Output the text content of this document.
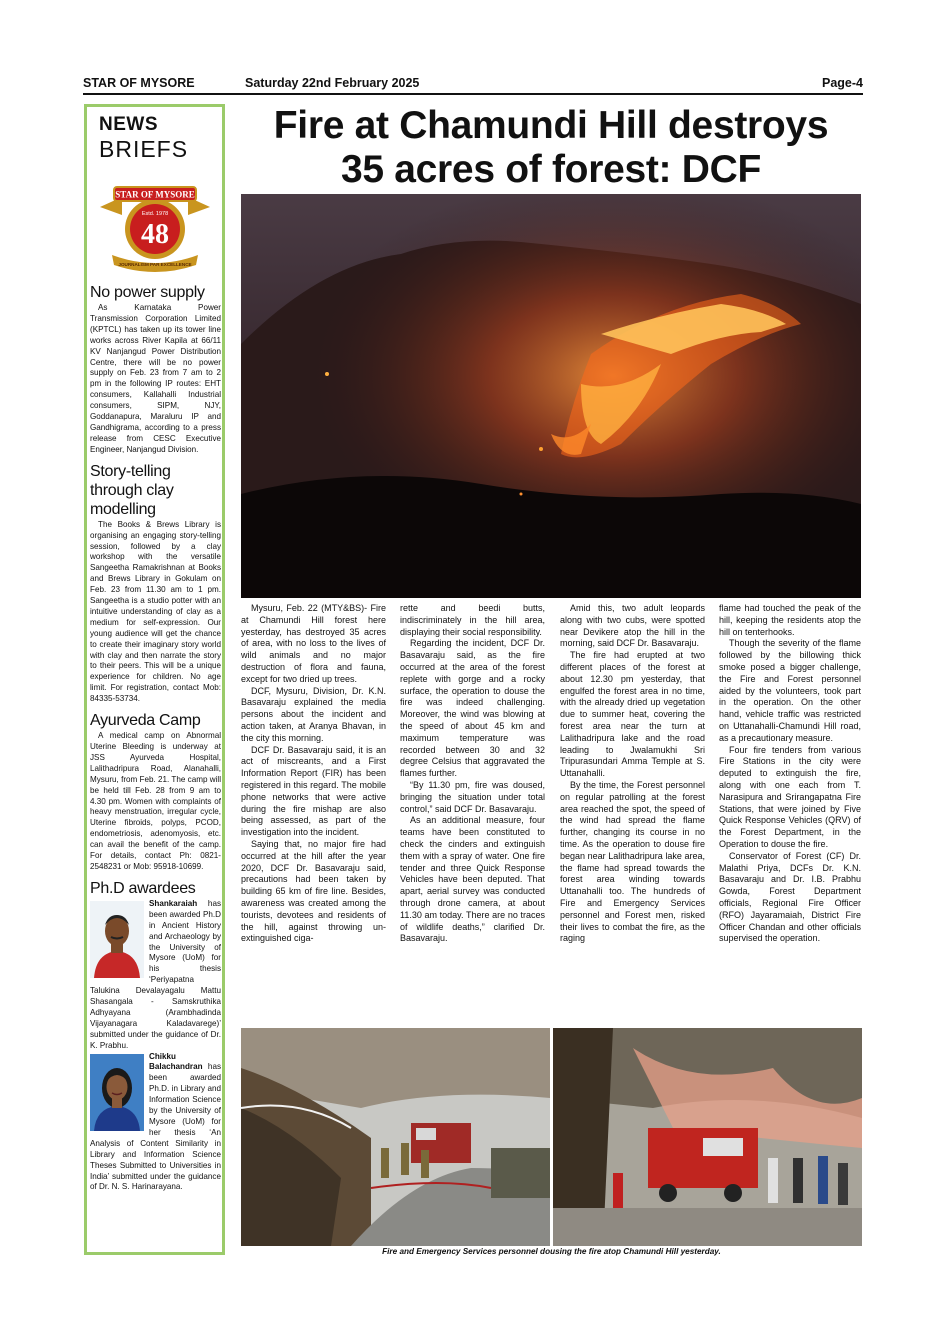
STAR OF MYSORE	Saturday 22nd February 2025	Page-4
NEWS
BRIEFS
STAR OF MYSORE
Estd. 1978
48
JOURNALISM PAR EXCELLENCE
No power supply

As Karnataka Power Transmission Corporation Limited (KPTCL) has taken up its tower line works across River Kapila at 66/11 KV Nanjangud Power Distribution Centre, there will be no power supply on Feb. 23 from 7 am to 2 pm in the following IP routes: EHT consumers, Kallahalli Industrial consumers, SIPM, NJY, Goddanapura, Maraluru IP and Gandhigrama, according to a press release from CESC Executive Engineer, Nanjangud Division.

Story-telling through clay modelling

The Books & Brews Library is organising an engaging story-telling session, followed by a clay workshop with the versatile Sangeetha Ramakrishnan at Books and Brews Library in Gokulam on Feb. 23 from 11.30 am to 1 pm. Sangeetha is a studio potter with an intuitive understanding of clay as a medium for self-expression. Our young audience will get the chance to create their imaginary story world with clay and then narrate the story to their peers. This will be a unique experience for children. No age limit. For registration, contact Mob: 84335-53734.

Ayurveda Camp

A medical camp on Abnormal Uterine Bleeding is underway at JSS Ayurveda Hospital, Lalithadripura Road, Alanahalli, Mysuru, from Feb. 21. The camp will be held till Feb. 28 from 9 am to 4.30 pm. Women with complaints of heavy menstruation, irregular cycle, Uterine fibroids, polyps, PCOD, endometriosis, adenomyosis, etc. can avail the benefit of the camp. For details, contact Ph: 0821-2548231 or Mob: 95918-10699.

Ph.D awardees
Shankaraiah has been awarded Ph.D in Ancient History and Archaeology by the University of Mysore (UoM) for his thesis ‘Periyapatna Talukina Devalayagalu Mattu Shasangala - Samskruthika Adhyayana (Arambhadinda Vijayanagara Kaladavarege)’ submitted under the guidance of Dr. K. Prabhu.
Chikku Balachandran has been awarded Ph.D. in Library and Information Science by the University of Mysore (UoM) for her thesis ‘An Analysis of Content Similarity in Library and Information Science Theses Submitted to Universities in India’ submitted under the guidance of Dr. N. S. Harinarayana.
Fire at Chamundi Hill destroys
35 acres of forest: DCF

Mysuru, Feb. 22 (MTY&BS)- Fire at Chamundi Hill forest here yesterday, has destroyed 35 acres of area, with no loss to the lives of wild animals and no major destruction of flora and fauna, except for two dried up trees.

DCF, Mysuru, Division, Dr. K.N. Basavaraju explained the media persons about the incident and action taken, at Aranya Bhavan, in the city this morning.

DCF Dr. Basavaraju said, it is an act of miscreants, and a First Information Report (FIR) has been registered in this regard. The mobile phone networks that were active during the fire mishap are also being assessed, as part of the investigation into the incident.

Saying that, no major fire had occurred at the hill after the year 2020, DCF Dr. Basavaraju said, precautions had been taken by building 65 km of fire line. Besides, awareness was created among the tourists, devotees and residents of the hill, against throwing un-extinguished ciga-

rette and beedi butts, indiscriminately in the hill area, displaying their social responsibility.

Regarding the incident, DCF Dr. Basavaraju said, as the fire occurred at the area of the forest replete with gorge and a rocky surface, the operation to douse the fire was indeed challenging. Moreover, the wind was blowing at the speed of about 45 km and maximum temperature was recorded between 30 and 32 degree Celsius that aggravated the flames further.

“By 11.30 pm, fire was doused, bringing the situation under total control,” said DCF Dr. Basavaraju.

As an additional measure, four teams have been constituted to check the cinders and extinguish them with a spray of water. One fire tender and three Quick Response Vehicles have been deputed. That apart, aerial survey was conducted through drone camera, at about 11.30 am today. There are no traces of wildlife deaths,” clarified Dr. Basavaraju.

Amid this, two adult leopards along with two cubs, were spotted near Devikere atop the hill in the morning, said DCF Dr. Basavaraju.

The fire had erupted at two different places of the forest at about 12.30 pm yesterday, that engulfed the forest area in no time, with the already dried up vegetation due to summer heat, covering the forest area near the turn at Lalithadripura lake and the road leading to Jwalamukhi Sri Tripurasundari Amma Temple at S. Uttanahalli.

By the time, the Forest personnel on regular patrolling at the forest area reached the spot, the speed of the wind had spread the flame further, changing its course in no time. As the operation to douse fire began near Lalithadripura lake area, the flame had spread towards the forest area winding towards Uttanahalli too. The hundreds of Fire and Emergency Services personnel and Forest men, risked their lives to combat the fire, as the raging

flame had touched the peak of the hill, keeping the residents atop the hill on tenterhooks.

Though the severity of the flame followed by the billowing thick smoke posed a bigger challenge, the Fire and Forest personnel aided by the volunteers, took part in the operation. On the other hand, vehicle traffic was restricted on Uttanahalli-Chamundi Hill road, as a precautionary measure.

Four fire tenders from various Fire Stations in the city were deputed to extinguish the fire, along with one each from T. Narasipura and Srirangapatna Fire Stations, that were joined by Five Quick Response Vehicles (QRV) of the Forest Department, in the Operation to douse the fire.

Conservator of Forest (CF) Dr. Malathi Priya, DCFs Dr. K.N. Basavaraju and Dr. I.B. Prabhu Gowda, Forest Department officials, Regional Fire Officer (RFO) Jayaramaiah, District Fire Officer Chandan and other officials supervised the operation.

Fire and Emergency Services personnel dousing the fire atop Chamundi Hill yesterday.
